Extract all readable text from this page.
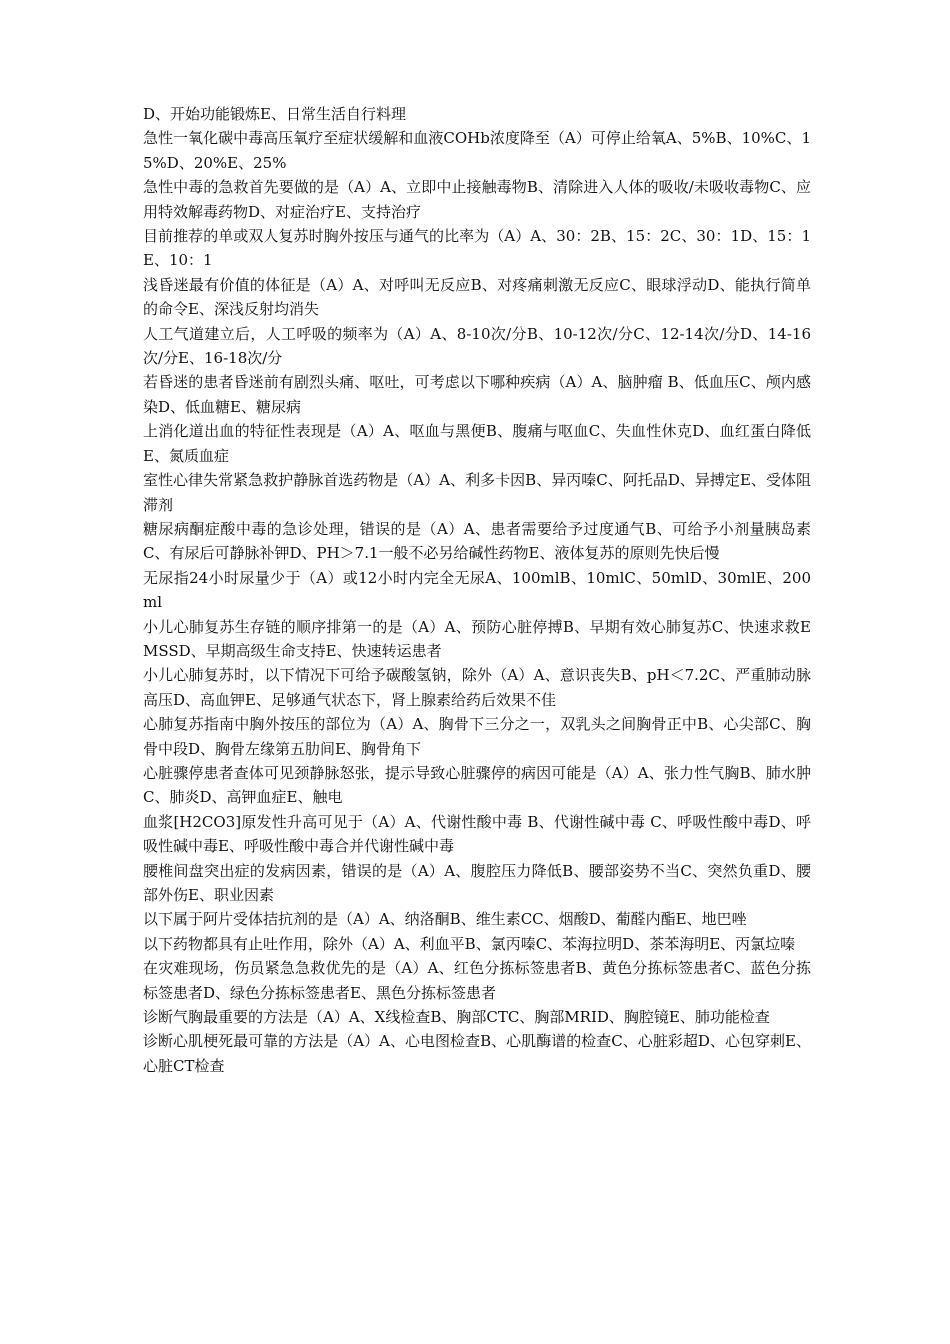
D、开始功能锻炼E、日常生活自行料理

急性一氧化碳中毒高压氧疗至症状缓解和血液COHb浓度降至（A）可停止给氧A、5%B、10%C、15%D、20%E、25%

急性中毒的急救首先要做的是（A）A、立即中止接触毒物B、清除进入人体的吸收/未吸收毒物C、应用特效解毒药物D、对症治疗E、支持治疗

目前推荐的单或双人复苏时胸外按压与通气的比率为（A）A、30：2B、15：2C、30：1D、15：1E、10：1

浅昏迷最有价值的体征是（A）A、对呼叫无反应B、对疼痛刺激无反应C、眼球浮动D、能执行简单的命令E、深浅反射均消失

人工气道建立后，人工呼吸的频率为（A）A、8-10次/分B、10-12次/分C、12-14次/分D、14-16次/分E、16-18次/分

若昏迷的患者昏迷前有剧烈头痛、呕吐，可考虑以下哪种疾病（A）A、脑肿瘤 B、低血压C、颅内感染D、低血糖E、糖尿病

上消化道出血的特征性表现是（A）A、呕血与黑便B、腹痛与呕血C、失血性休克D、血红蛋白降低E、氮质血症

室性心律失常紧急救护静脉首选药物是（A）A、利多卡因B、异丙嗪C、阿托品D、异搏定E、受体阻滞剂

糖尿病酮症酸中毒的急诊处理，错误的是（A）A、患者需要给予过度通气B、可给予小剂量胰岛素C、有尿后可静脉补钾D、PH＞7.1一般不必另给碱性药物E、液体复苏的原则先快后慢

无尿指24小时尿量少于（A）或12小时内完全无尿A、100mlB、10mlC、50mlD、30mlE、200ml

小儿心肺复苏生存链的顺序排第一的是（A）A、预防心脏停搏B、早期有效心肺复苏C、快速求救EMSSD、早期高级生命支持E、快速转运患者

小儿心肺复苏时，以下情况下可给予碳酸氢钠，除外（A）A、意识丧失B、pH＜7.2C、严重肺动脉高压D、高血钾E、足够通气状态下，肾上腺素给药后效果不佳

心肺复苏指南中胸外按压的部位为（A）A、胸骨下三分之一，双乳头之间胸骨正中B、心尖部C、胸骨中段D、胸骨左缘第五肋间E、胸骨角下

心脏骤停患者查体可见颈静脉怒张，提示导致心脏骤停的病因可能是（A）A、张力性气胸B、肺水肿C、肺炎D、高钾血症E、触电

血浆[H2CO3]原发性升高可见于（A）A、代谢性酸中毒 B、代谢性碱中毒 C、呼吸性酸中毒D、呼吸性碱中毒E、呼吸性酸中毒合并代谢性碱中毒

腰椎间盘突出症的发病因素，错误的是（A）A、腹腔压力降低B、腰部姿势不当C、突然负重D、腰部外伤E、职业因素

以下属于阿片受体拮抗剂的是（A）A、纳洛酮B、维生素CC、烟酸D、葡醛内酯E、地巴唑

以下药物都具有止吐作用，除外（A）A、利血平B、氯丙嗪C、苯海拉明D、茶苯海明E、丙氯垃嗪

在灾难现场，伤员紧急急救优先的是（A）A、红色分拣标签患者B、黄色分拣标签患者C、蓝色分拣标签患者D、绿色分拣标签患者E、黑色分拣标签患者

诊断气胸最重要的方法是（A）A、X线检查B、胸部CTC、胸部MRID、胸腔镜E、肺功能检查

诊断心肌梗死最可靠的方法是（A）A、心电图检查B、心肌酶谱的检查C、心脏彩超D、心包穿刺E、心脏CT检查
